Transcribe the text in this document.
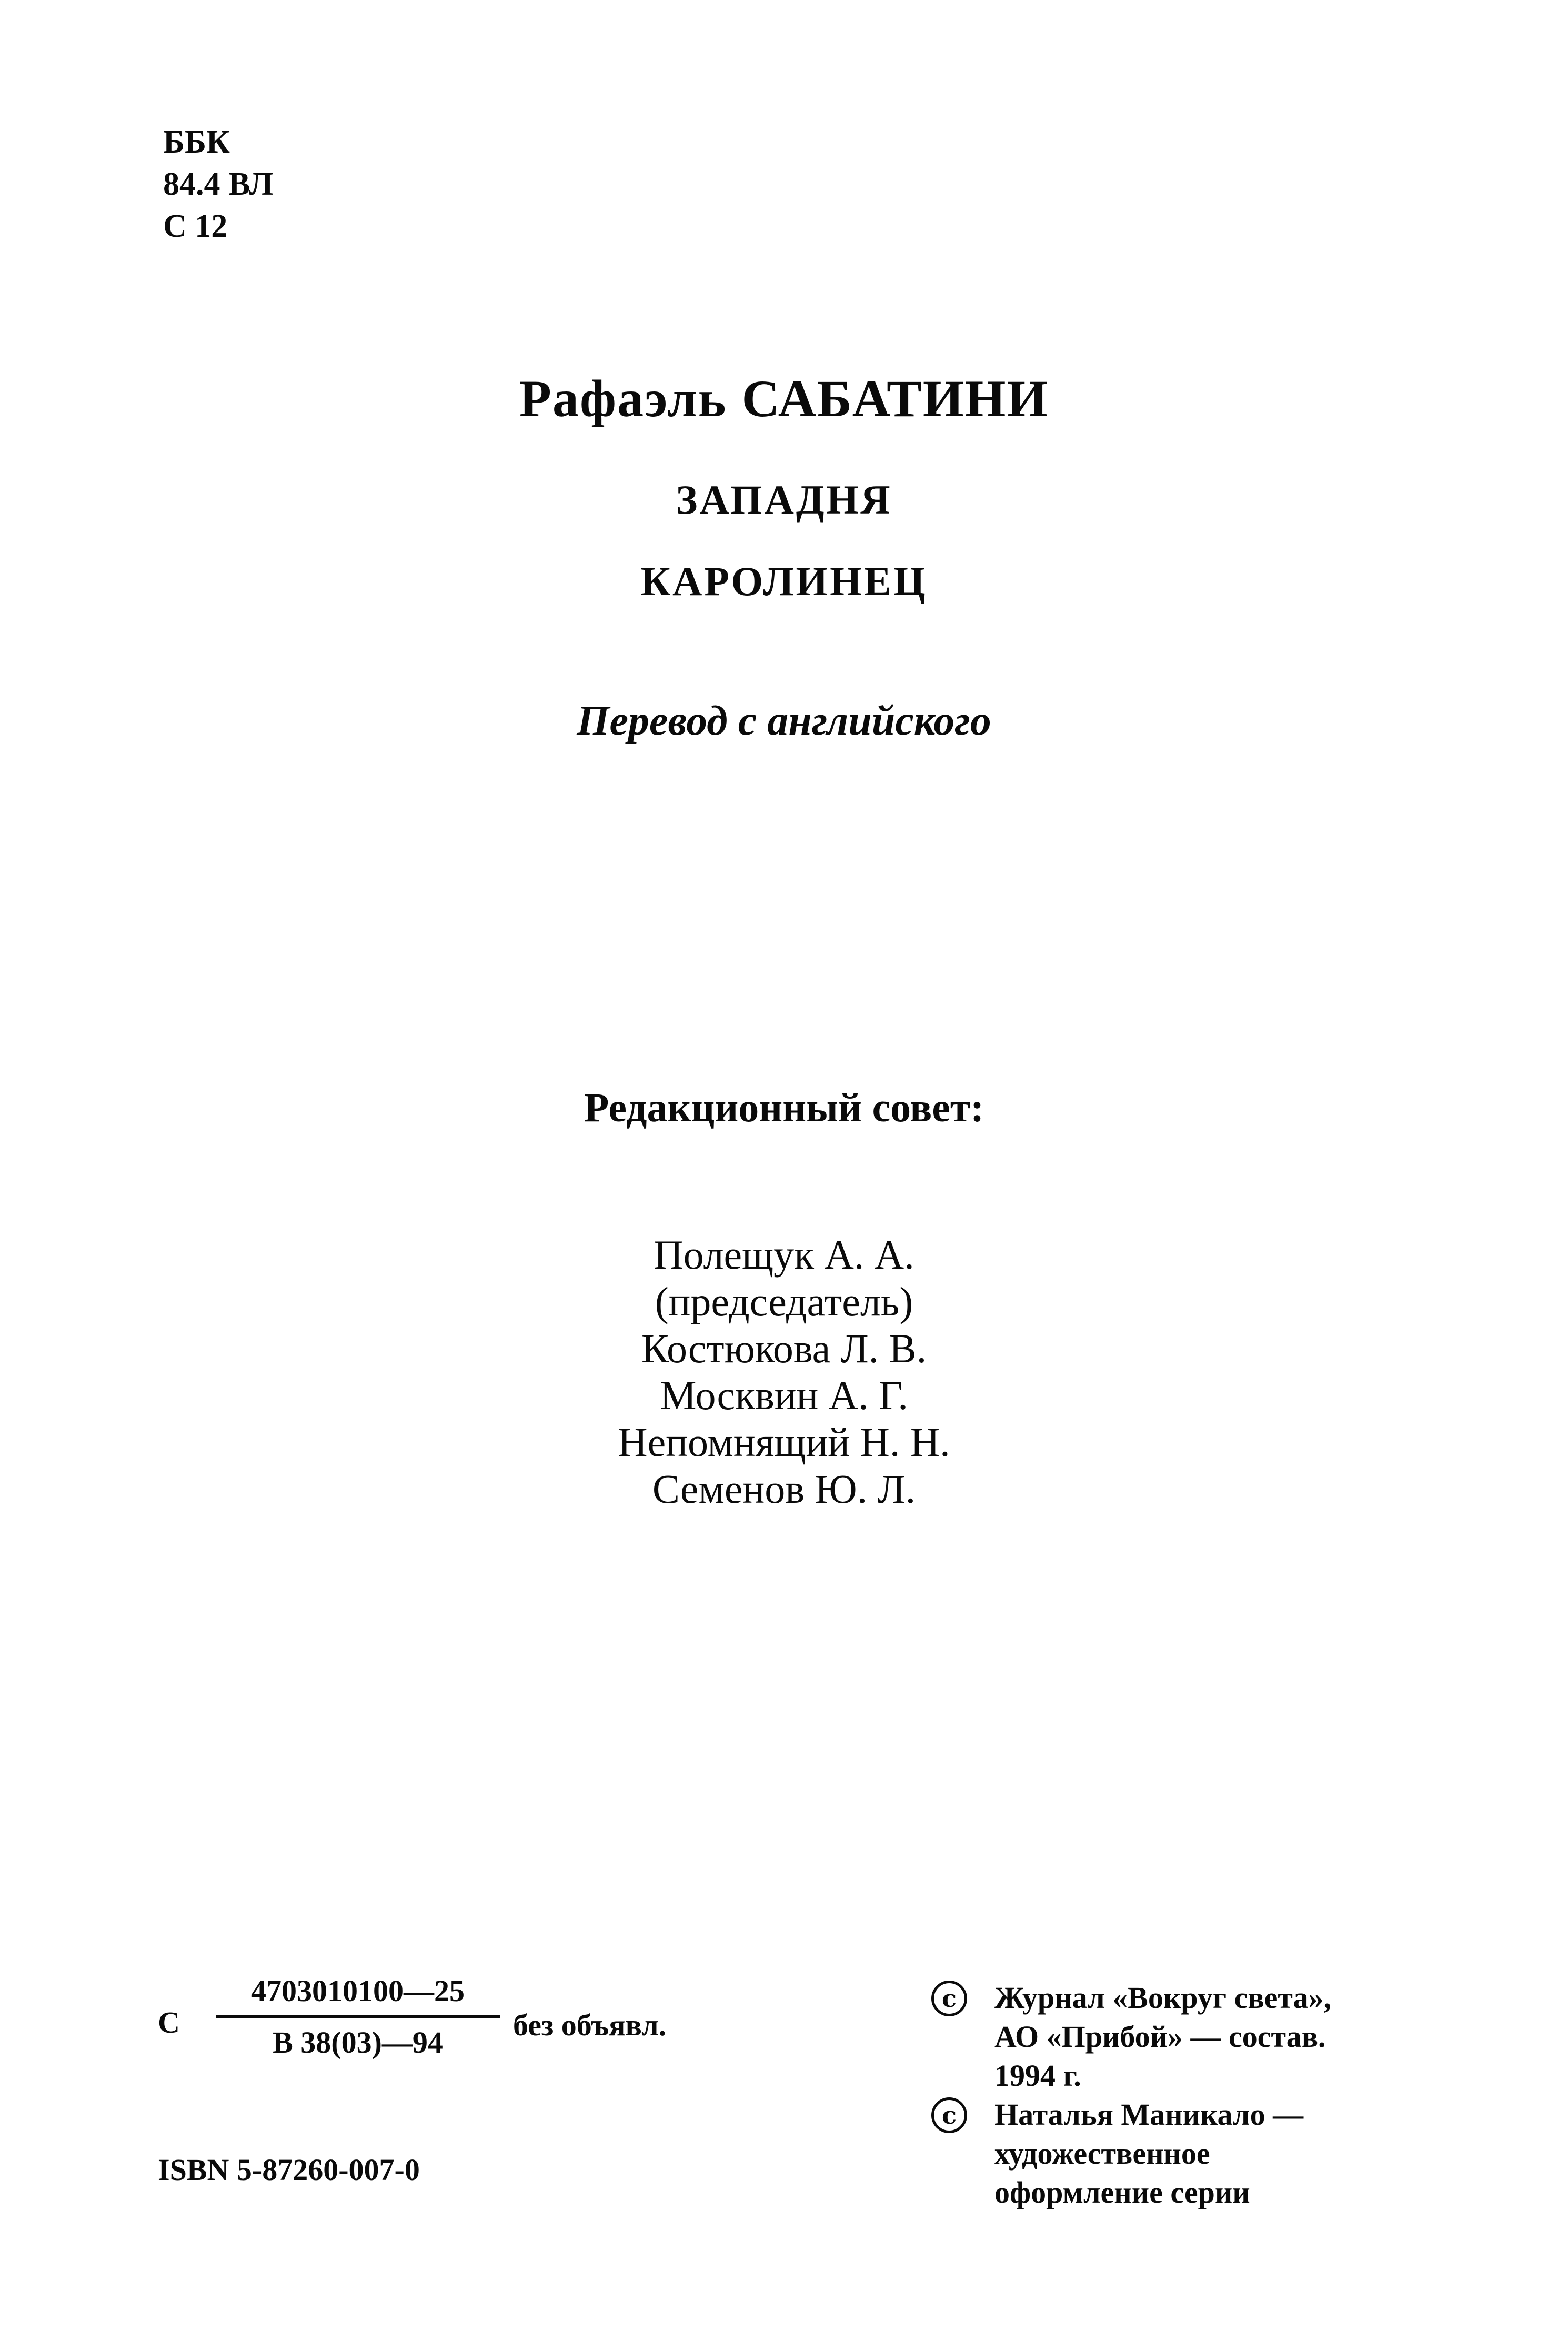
ББК
84.4 ВЛ
С 12
Рафаэль САБАТИНИ
ЗАПАДНЯ
КАРОЛИНЕЦ
Перевод с английского
Редакционный совет:
Полещук А. А.
(председатель)
Костюкова Л. В.
Москвин А. Г.
Непомнящий Н. Н.
Семенов Ю. Л.
С
4703010100—25
В 38(03)—94
без объявл.
ISBN 5-87260-007-0
c	Журнал «Вокруг света»,
АО «Прибой» — состав.
1994 г.
c	Наталья Маникало —
художественное
оформление серии
